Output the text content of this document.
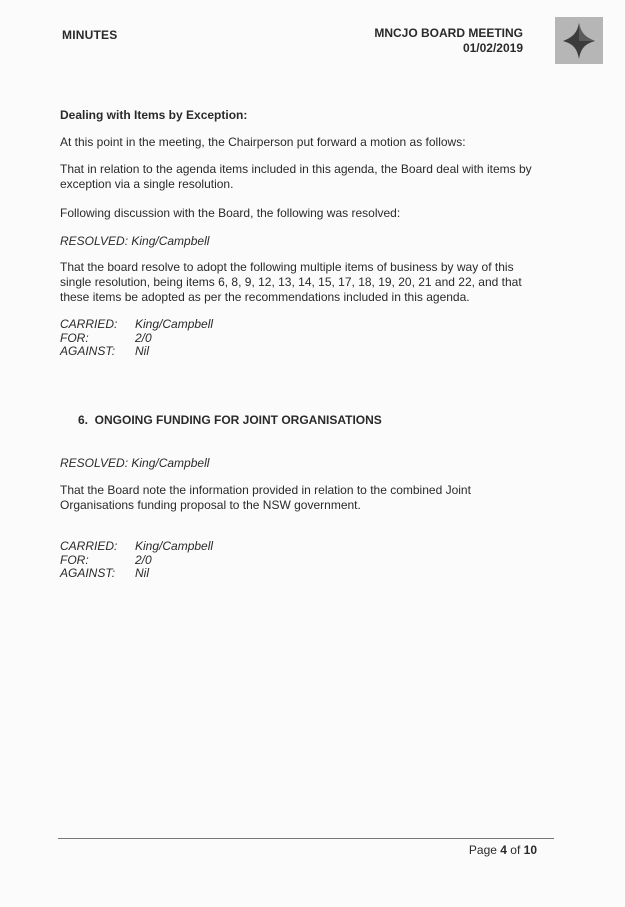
MINUTES	MNCJO BOARD MEETING
01/02/2019
Dealing with Items by Exception:
At this point in the meeting, the Chairperson put forward a motion as follows:
That in relation to the agenda items included in this agenda, the Board deal with items by exception via a single resolution.
Following discussion with the Board, the following was resolved:
RESOLVED: King/Campbell
That the board resolve to adopt the following multiple items of business by way of this single resolution, being items 6, 8, 9, 12, 13, 14, 15, 17, 18, 19, 20, 21 and 22, and that these items be adopted as per the recommendations included in this agenda.
CARRIED:	King/Campbell
FOR:	2/0
AGAINST:	Nil
6.  ONGOING FUNDING FOR JOINT ORGANISATIONS
RESOLVED: King/Campbell
That the Board note the information provided in relation to the combined Joint Organisations funding proposal to the NSW government.
CARRIED:	King/Campbell
FOR:	2/0
AGAINST:	Nil
Page 4 of 10
